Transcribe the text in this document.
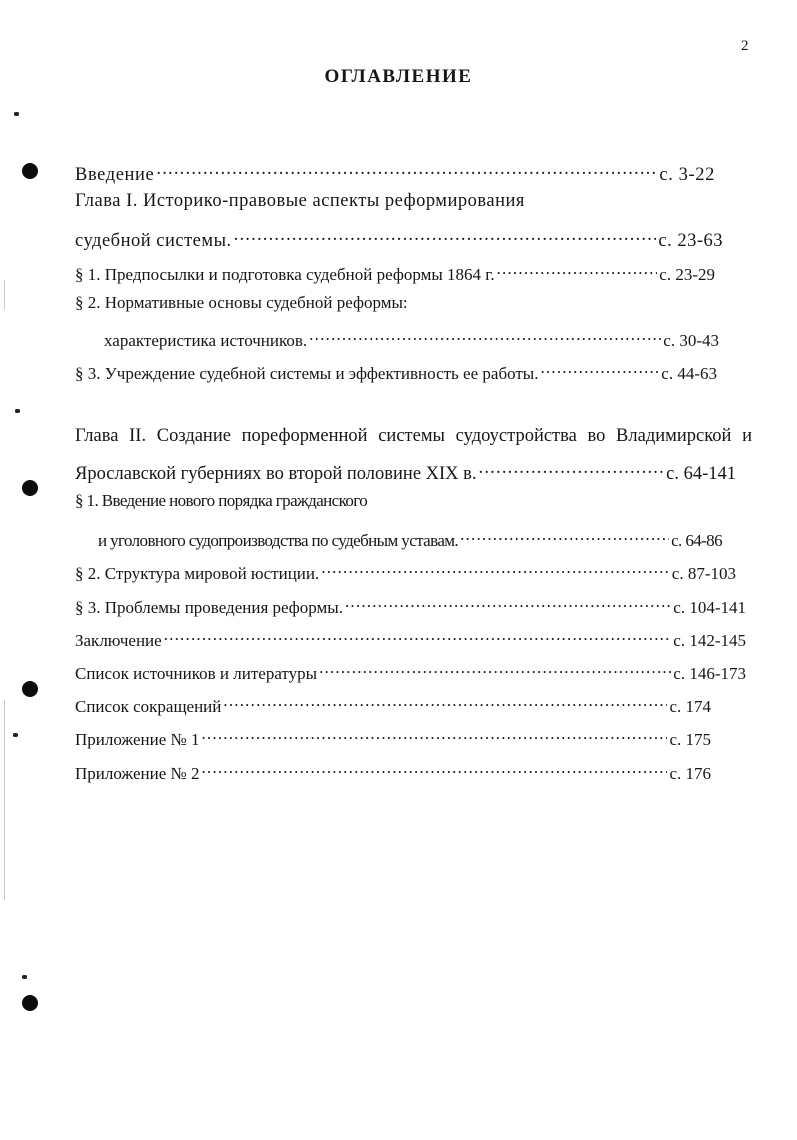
2
ОГЛАВЛЕНИЕ
Введение .....	с. 3-22
Глава I. Историко-правовые аспекты реформирования
судебной системы. .....	с. 23-63
§ 1. Предпосылки и подготовка судебной реформы 1864 г. .....	с. 23-29
§ 2. Нормативные основы судебной реформы:
характеристика источников. .....	с. 30-43
§ 3. Учреждение судебной системы и эффективность ее работы. .....	с. 44-63
Глава II. Создание пореформенной системы судоустройства во Владимирской и
Ярославской губерниях во второй половине XIX в. .....	с. 64-141
§ 1. Введение нового порядка гражданского
и уголовного судопроизводства по судебным уставам. .....	с. 64-86
§ 2. Структура мировой юстиции. .....	с. 87-103
§ 3. Проблемы проведения реформы. .....	с. 104-141
Заключение .....	с. 142-145
Список источников и литературы .....	с. 146-173
Список сокращений .....	с. 174
Приложение № 1 .....	с. 175
Приложение № 2 .....	с. 176
